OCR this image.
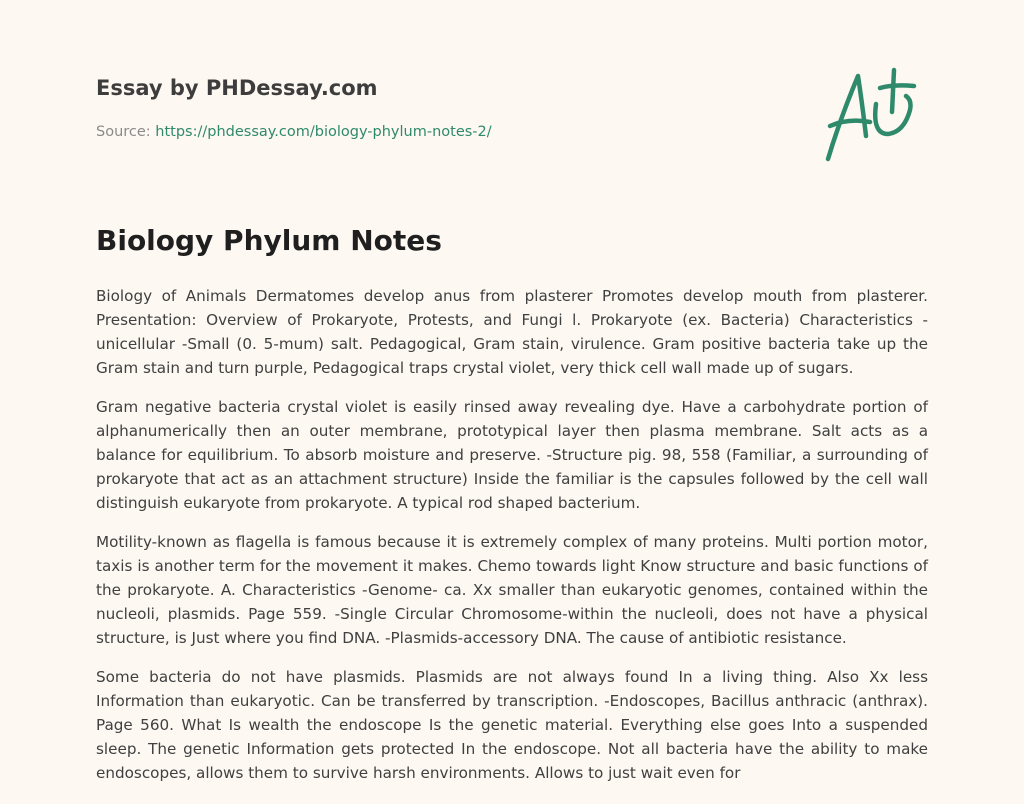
Essay by PHDessay.com
Source: https://phdessay.com/biology-phylum-notes-2/
Biology Phylum Notes

Biology of Animals Dermatomes develop anus from plasterer Promotes develop mouth from plasterer. Presentation: Overview of Prokaryote, Protests, and Fungi l. Prokaryote (ex. Bacteria) Characteristics -unicellular -Small (0. 5-mum) salt. Pedagogical, Gram stain, virulence. Gram positive bacteria take up the Gram stain and turn purple, Pedagogical traps crystal violet, very thick cell wall made up of sugars.

Gram negative bacteria crystal violet is easily rinsed away revealing dye. Have a carbohydrate portion of alphanumerically then an outer membrane, prototypical layer then plasma membrane. Salt acts as a balance for equilibrium. To absorb moisture and preserve. -Structure pig. 98, 558 (Familiar, a surrounding of prokaryote that act as an attachment structure) Inside the familiar is the capsules followed by the cell wall distinguish eukaryote from prokaryote. A typical rod shaped bacterium.

Motility-known as flagella is famous because it is extremely complex of many proteins. Multi portion motor, taxis is another term for the movement it makes. Chemo towards light Know structure and basic functions of the prokaryote. A. Characteristics -Genome- ca. Xx smaller than eukaryotic genomes, contained within the nucleoli, plasmids. Page 559. -Single Circular Chromosome-within the nucleoli, does not have a physical structure, is Just where you find DNA. -Plasmids-accessory DNA. The cause of antibiotic resistance.

Some bacteria do not have plasmids. Plasmids are not always found In a living thing. Also Xx less Information than eukaryotic. Can be transferred by transcription. -Endoscopes, Bacillus anthracic (anthrax). Page 560. What Is wealth the endoscope Is the genetic material. Everything else goes Into a suspended sleep. The genetic Information gets protected In the endoscope. Not all bacteria have the ability to make endoscopes, allows them to survive harsh environments. Allows to just wait even for
